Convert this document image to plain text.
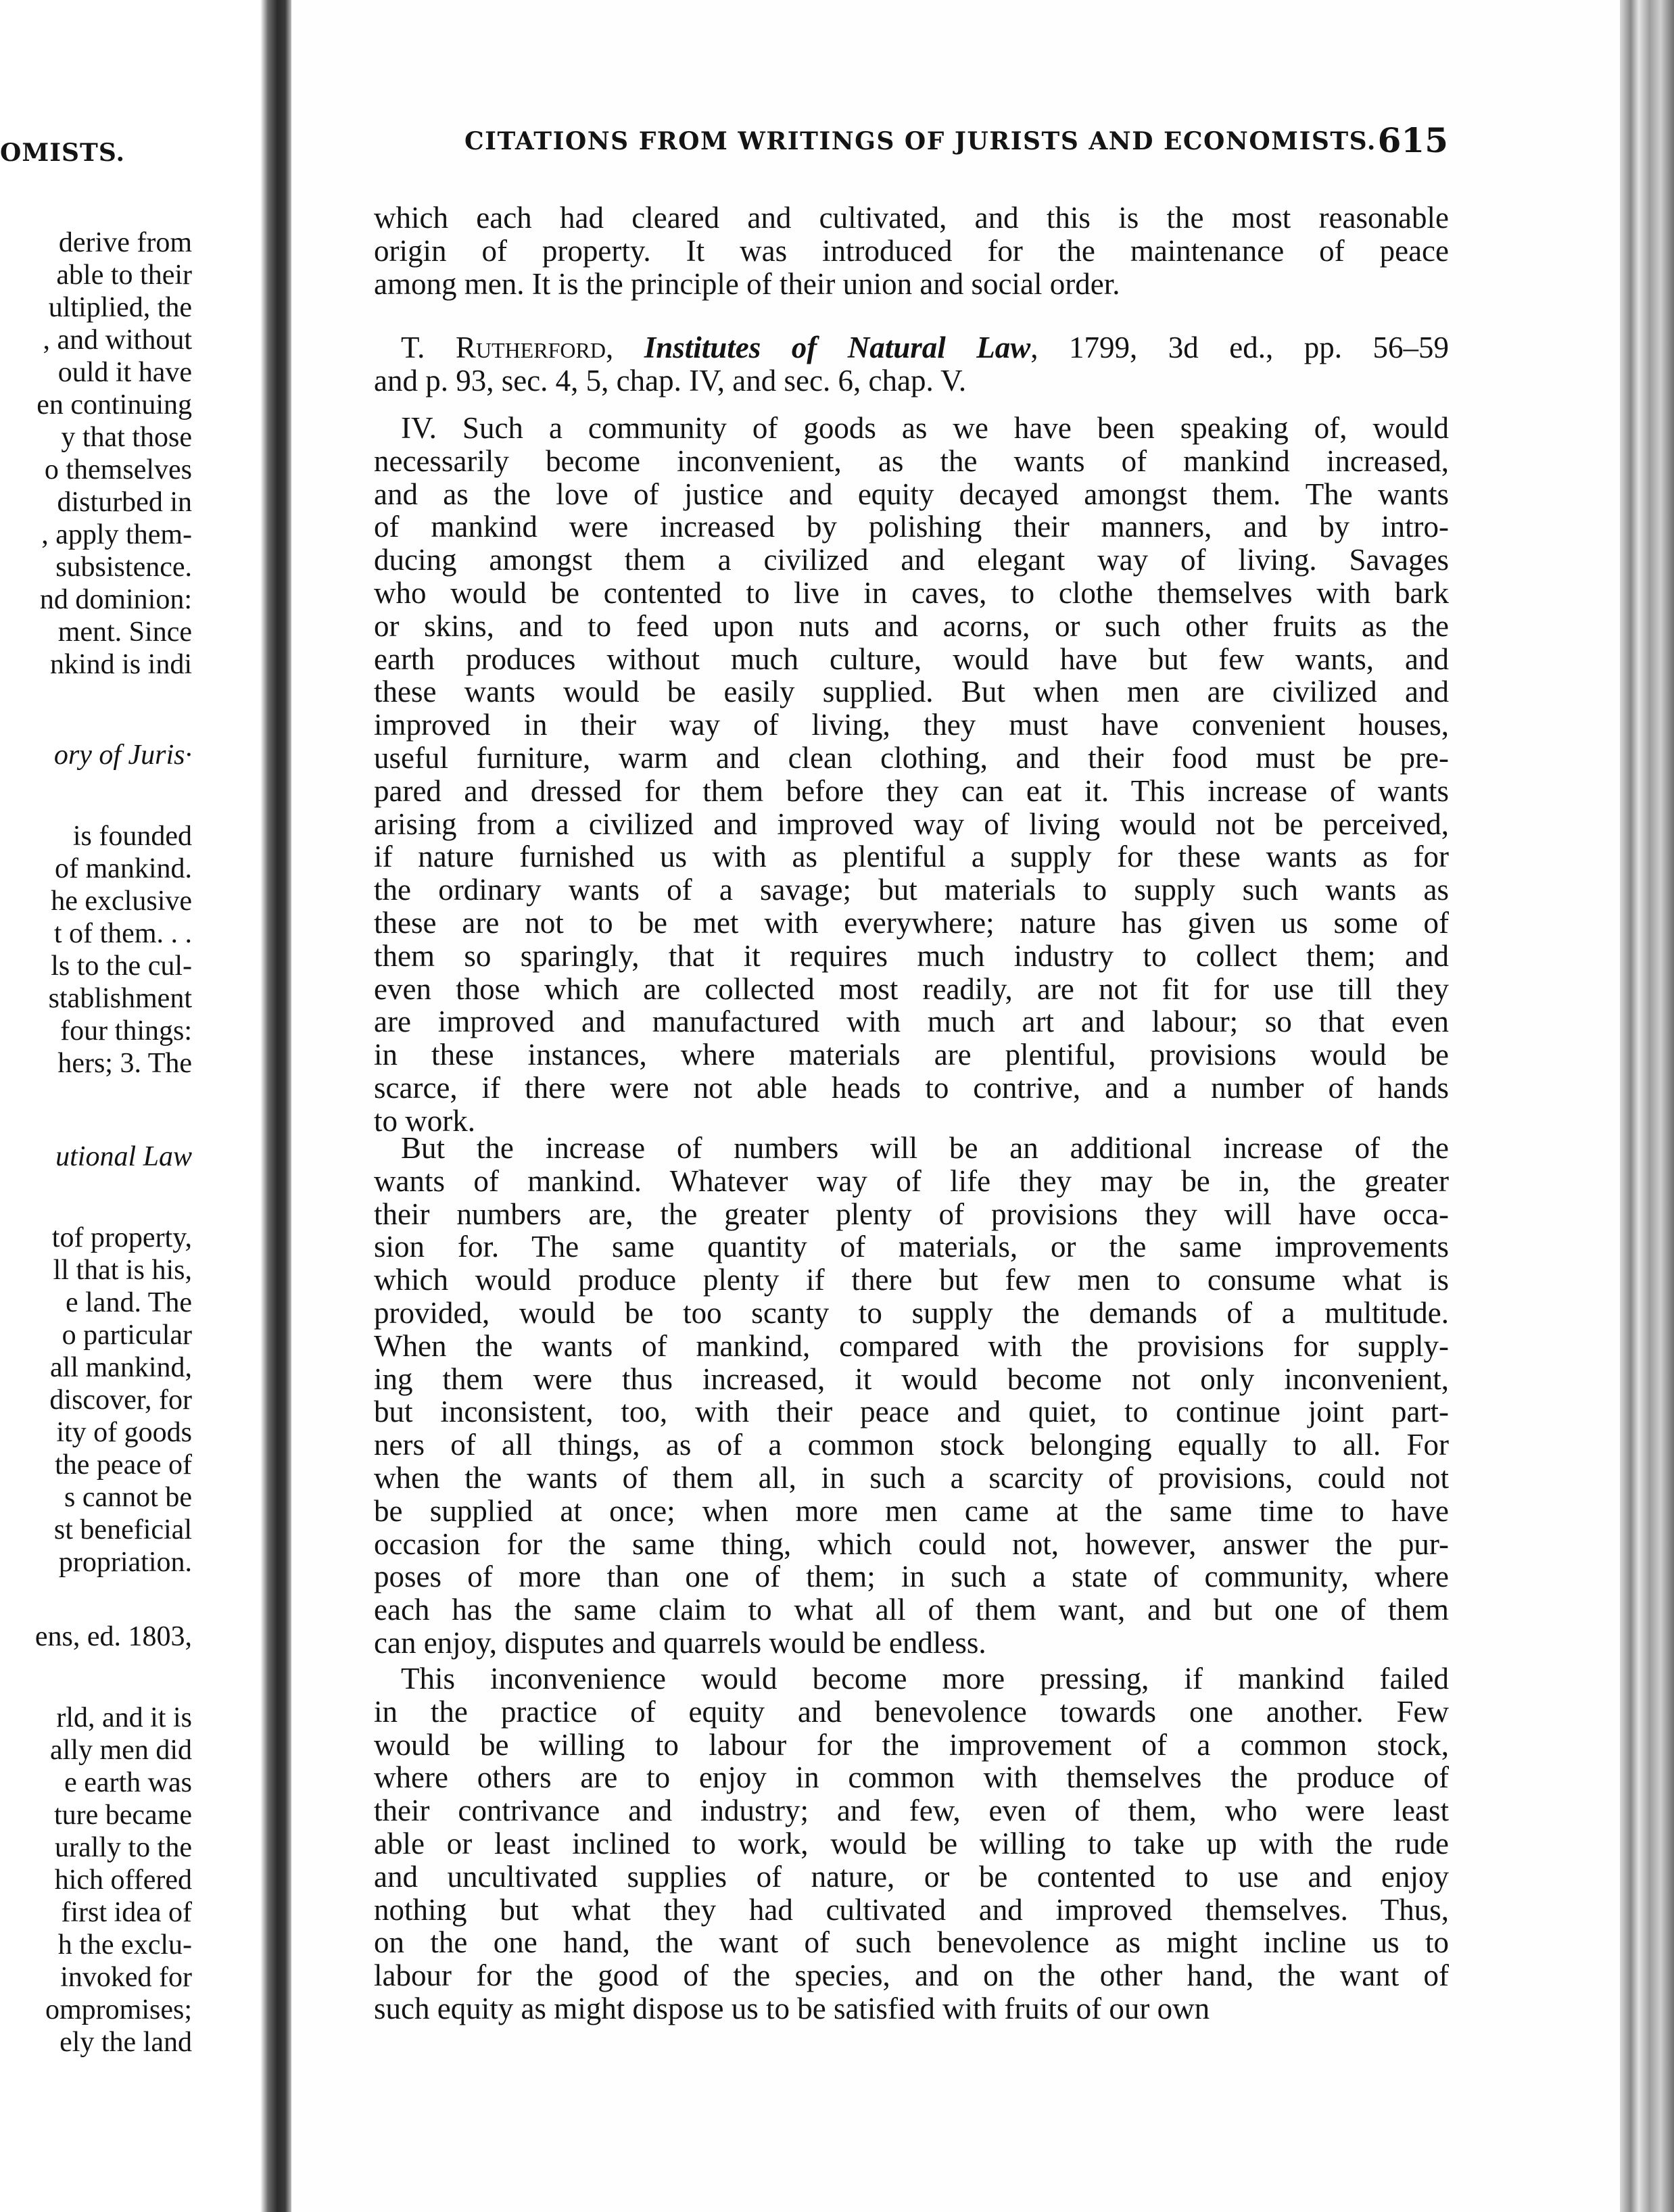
OMISTS.
derive from
able to their
ultiplied, the
, and without
ould it have
en continuing
y that those
o themselves
disturbed in
, apply them-
subsistence.
nd dominion:
ment. Since
nkind is indi
ory of Juris·
is founded
of mankind.
he exclusive
t of them. . .
ls to the cul-
stablishment
four things:
hers; 3. The
utional Law
tof property,
ll that is his,
e land. The
o particular
all mankind,
discover, for
ity of goods
the peace of
s cannot be
st beneficial
propriation.
ens, ed. 1803,
rld, and it is
ally men did
e earth was
ture became
urally to the
hich offered
first idea of
h the exclu-
invoked for
ompromises;
ely the land
CITATIONS FROM WRITINGS OF JURISTS AND ECONOMISTS. 615
which each had cleared and cultivated, and this is the most reasonable
origin of property. It was introduced for the maintenance of peace
among men. It is the principle of their union and social order.
T. Rutherford, Institutes of Natural Law, 1799, 3d ed., pp. 56–59
and p. 93, sec. 4, 5, chap. IV, and sec. 6, chap. V.
IV. Such a community of goods as we have been speaking of, would
necessarily become inconvenient, as the wants of mankind increased,
and as the love of justice and equity decayed amongst them. The wants
of mankind were increased by polishing their manners, and by intro-
ducing amongst them a civilized and elegant way of living. Savages
who would be contented to live in caves, to clothe themselves with bark
or skins, and to feed upon nuts and acorns, or such other fruits as the
earth produces without much culture, would have but few wants, and
these wants would be easily supplied. But when men are civilized and
improved in their way of living, they must have convenient houses,
useful furniture, warm and clean clothing, and their food must be pre-
pared and dressed for them before they can eat it. This increase of wants
arising from a civilized and improved way of living would not be perceived,
if nature furnished us with as plentiful a supply for these wants as for
the ordinary wants of a savage; but materials to supply such wants as
these are not to be met with everywhere; nature has given us some of
them so sparingly, that it requires much industry to collect them; and
even those which are collected most readily, are not fit for use till they
are improved and manufactured with much art and labour; so that even
in these instances, where materials are plentiful, provisions would be
scarce, if there were not able heads to contrive, and a number of hands
to work.
But the increase of numbers will be an additional increase of the
wants of mankind. Whatever way of life they may be in, the greater
their numbers are, the greater plenty of provisions they will have occa-
sion for. The same quantity of materials, or the same improvements
which would produce plenty if there but few men to consume what is
provided, would be too scanty to supply the demands of a multitude.
When the wants of mankind, compared with the provisions for supply-
ing them were thus increased, it would become not only inconvenient,
but inconsistent, too, with their peace and quiet, to continue joint part-
ners of all things, as of a common stock belonging equally to all. For
when the wants of them all, in such a scarcity of provisions, could not
be supplied at once; when more men came at the same time to have
occasion for the same thing, which could not, however, answer the pur-
poses of more than one of them; in such a state of community, where
each has the same claim to what all of them want, and but one of them
can enjoy, disputes and quarrels would be endless.
This inconvenience would become more pressing, if mankind failed
in the practice of equity and benevolence towards one another. Few
would be willing to labour for the improvement of a common stock,
where others are to enjoy in common with themselves the produce of
their contrivance and industry; and few, even of them, who were least
able or least inclined to work, would be willing to take up with the rude
and uncultivated supplies of nature, or be contented to use and enjoy
nothing but what they had cultivated and improved themselves. Thus,
on the one hand, the want of such benevolence as might incline us to
labour for the good of the species, and on the other hand, the want of
such equity as might dispose us to be satisfied with fruits of our own
